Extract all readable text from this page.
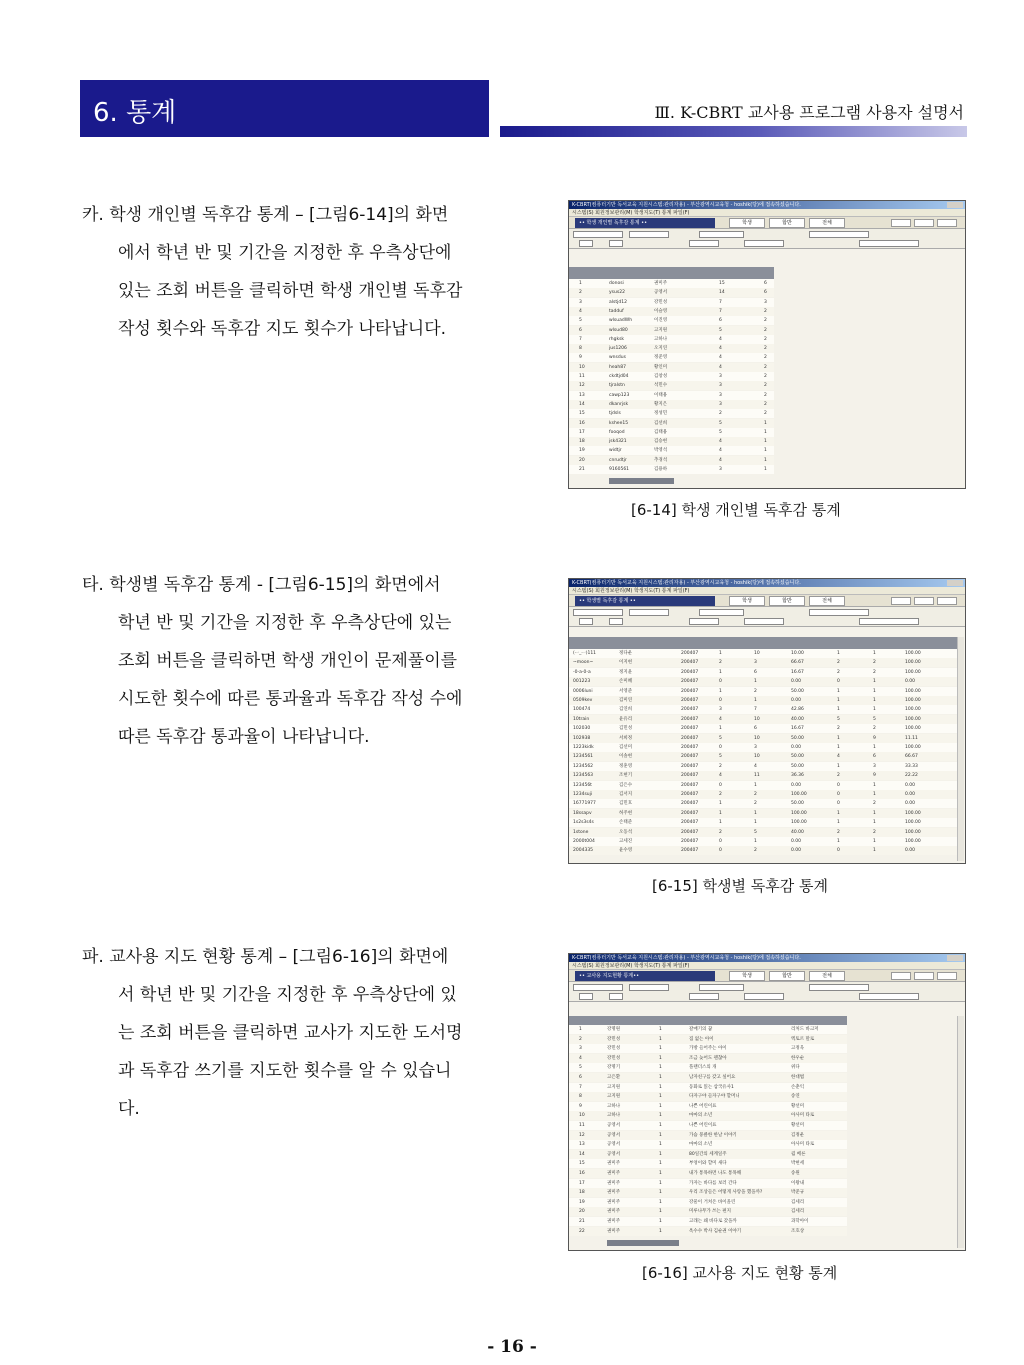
6. 통계	Ⅲ. K-CBRT 교사용 프로그램 사용자 설명서
카. 학생 개인별 독후감 통계 – [그림6-14]의 화면
에서 학년 반 및 기간을 지정한 후 우측상단에
있는 조회 버튼을 클릭하면 학생 개인별 독후감
작성 횟수와 독후감 지도 횟수가 나타납니다.
K-CBRT(컴퓨터기반 독서교육 지원시스템:관리자용) - 부산광역시교육청 - hoshik(당)에 접속하셨습니다.
시스템(S) 회원정보관리(M) 학생지도(T) 통계 파일(F)
•• 학생 개인별 독후감 통계 ••	학생	합반	전체
1	donosi	권미주	15	6
2	ysus22	공영서	14	6
3	alstjd12	강민성	7	3
4	tadduf	이슬영	7	2
5	wlsuadWh	이진영	6	2
6	wlsud80	고지원	5	2
7	rhgksk	고하나	4	2
8	jus1206	오지연	4	2
9	wnsdus	정준영	4	2
10	heah87	황인미	4	2
11	ckdtjd04	김창성	3	2
12	tjralstn	석민수	3	2
13	cawp123	이태용	3	2
14	dkanrjsk	황지은	3	2
15	tjdsls	정성민	2	2
16	kshee15	김선희	5	1
17	fooqod	김태용	5	1
18	jsk4321	김승현	4	1
19	widtjr	박영석	4	1
20	cnrudtjr	추경석	4	1
21	9160561	김용하	3	1
[6-14] 학생 개인별 독후감 통계
타. 학생별 독후감 통계 - [그림6-15]의 화면에서
학년 반 및 기간을 지정한 후 우측상단에 있는
조회 버튼을 클릭하면 학생 개인이 문제풀이를
시도한 횟수에 따른 통과율과 독후감 작성 수에
따른 독후감 통과율이 나타납니다.
K-CBRT(컴퓨터기반 독서교육 지원시스템:관리자용) - 부산광역시교육청 - hoshik(당)에 접속하셨습니다.
시스템(S) 회원정보관리(M) 학생지도(T) 통계 파일(F)
•• 학생별 독후감 통계 ••	학생	합반	전체
(ㅡ_ㅡ)111	정다운	200407	1	10	10.00	1	1	100.00
~moon~	이지현	200407	2	3	66.67	2	2	100.00
-0-a-0-a	정지윤	200407	1	6	16.67	2	2	100.00
001223	손미혜	200407	0	1	0.00	0	1	0.00
0006luni	서영준	200407	1	2	50.00	1	1	100.00
0509kev	김미연	200407	0	1	0.00	1	1	100.00
100474	김연희	200407	3	7	42.86	1	1	100.00
10train	윤유리	200407	4	10	40.00	5	5	100.00
102030	김민성	200407	1	6	16.67	2	2	100.00
102938	서희정	200407	5	10	50.00	1	9	11.11
1223kidk	김선미	200407	0	3	0.00	1	1	100.00
1234561	이솔현	200407	5	10	50.00	4	6	66.67
1234562	정훈영	200407	2	4	50.00	1	3	33.33
1234563	조현기	200407	4	11	36.36	2	9	22.22
123456t	김은수	200407	0	1	0.00	0	1	0.00
1234suji	김서지	200407	2	2	100.00	0	1	0.00
16771977	김민호	200407	1	2	50.00	0	2	0.00
18ssapv	허주현	200407	1	1	100.00	1	1	100.00
1s2s3s4s	손태준	200407	1	1	100.00	1	1	100.00
1stone	오동석	200407	2	5	40.00	2	2	100.00
2000t004	고세진	200407	0	1	0.00	1	1	100.00
2004335	윤수영	200407	0	2	0.00	0	1	0.00
[6-15] 학생별 독후감 통계
파. 교사용 지도 현황 통계 – [그림6-16]의 화면에
서 학년 반 및 기간을 지정한 후 우측상단에 있
는 조회 버튼을 클릭하면 교사가 지도한 도서명
과 독후감 쓰기를 지도한 횟수를 알 수 있습니
다.
K-CBRT(컴퓨터기반 독서교육 지원시스템:관리자용) - 부산광역시교육청 - hoshik(당)에 접속하셨습니다.
시스템(S) 회원정보관리(M) 학생지도(T) 통계 파일(F)
•• 교사용 지도현황 통계••	학생	합반	전체
1	강명원	1	갈매기의 꿈	리처드 바크저
2	강민성	1	집 없는 아이	엑토르 말로
3	강민성	1	가방 들어주는 아이	고정욱
4	강민성	1	조금 늦어도 괜찮아	한우순
5	강명기	1	플랜더스의 개	위다
6	고은환	1	남자친구를 갖고 싶어요	한대법
7	고지원	1	동화로 읽는 삼국유사1	손춘익
8	고지원	1	다자구야 들자구야 할머니	송연
9	고하나	1	나쁜 어린이표	황선미
10	고하나	1	마마의 소년	아사미 타로
11	공영서	1	나쁜 어린이표	황선미
12	공영서	1	가슴 뭉클한 한날 이야기	김정운
13	공영서	1	마마의 소년	아사미 타로
14	공영서	1	80일간의 세계일주	쥘 베른
15	권미주	1	부엉이와 할미 새다	박현세
16	권미주	1	내가 통목하면 나도 통목해	송원
17	권미주	1	가자는 바다를 보러 간다	이왕내
18	권미주	1	우리 조상들은 어떻게 사랑을 했을까?	박준규
19	권미주	1	강물이 거쳐온 바이올린	김세리
20	권미주	1	미루나무가 쓰는 편지	김세리
21	권미주	1	고래는 왜 바다로 갔을까	과학아이
22	권미주	1	옥수수 박사 김순권 이야기	조호상
[6-16] 교사용 지도 현황 통계
- 16 -
